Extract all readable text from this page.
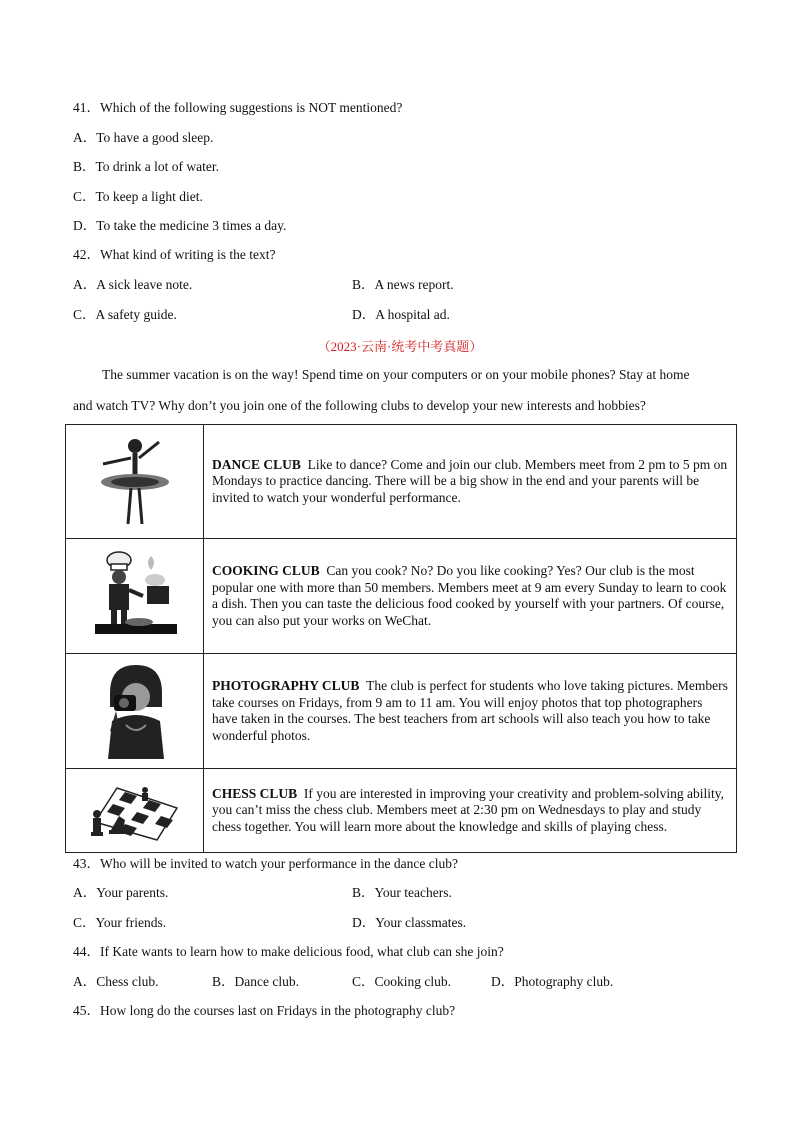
41．Which of the following suggestions is NOT mentioned?
A．To have a good sleep.
B．To drink a lot of water.
C．To keep a light diet.
D．To take the medicine 3 times a day.
42．What kind of writing is the text?
A．A sick leave note.	B．A news report.
C．A safety guide.	D．A hospital ad.
（2023·云南·统考中考真题）
The summer vacation is on the way! Spend time on your computers or on your mobile phones? Stay at home
and watch TV? Why don’t you join one of the following clubs to develop your new interests and hobbies?
	DANCE CLUB Like to dance? Come and join our club. Members meet from 2 pm to 5 pm on Mondays to practice dancing. There will be a big show in the end and your parents will be invited to watch your wonderful performance.

	COOKING CLUB Can you cook? No? Do you like cooking? Yes? Our club is the most popular one with more than 50 members. Members meet at 9 am every Sunday to learn to cook a dish. Then you can taste the delicious food cooked by yourself with your partners. Of course, you can also put your works on WeChat.

	PHOTOGRAPHY CLUB The club is perfect for students who love taking pictures. Members take courses on Fridays, from 9 am to 11 am. You will enjoy photos that top photographers have taken in the courses. The best teachers from art schools will also teach you how to take wonderful photos.

	CHESS CLUB If you are interested in improving your creativity and problem-solving ability, you can’t miss the chess club. Members meet at 2:30 pm on Wednesdays to play and study chess together. You will learn more about the knowledge and skills of playing chess.
43．Who will be invited to watch your performance in the dance club?
A．Your parents.	B．Your teachers.
C．Your friends.	D．Your classmates.
44．If Kate wants to learn how to make delicious food, what club can she join?
A．Chess club.	B．Dance club.	C．Cooking club.	D．Photography club.
45．How long do the courses last on Fridays in the photography club?
